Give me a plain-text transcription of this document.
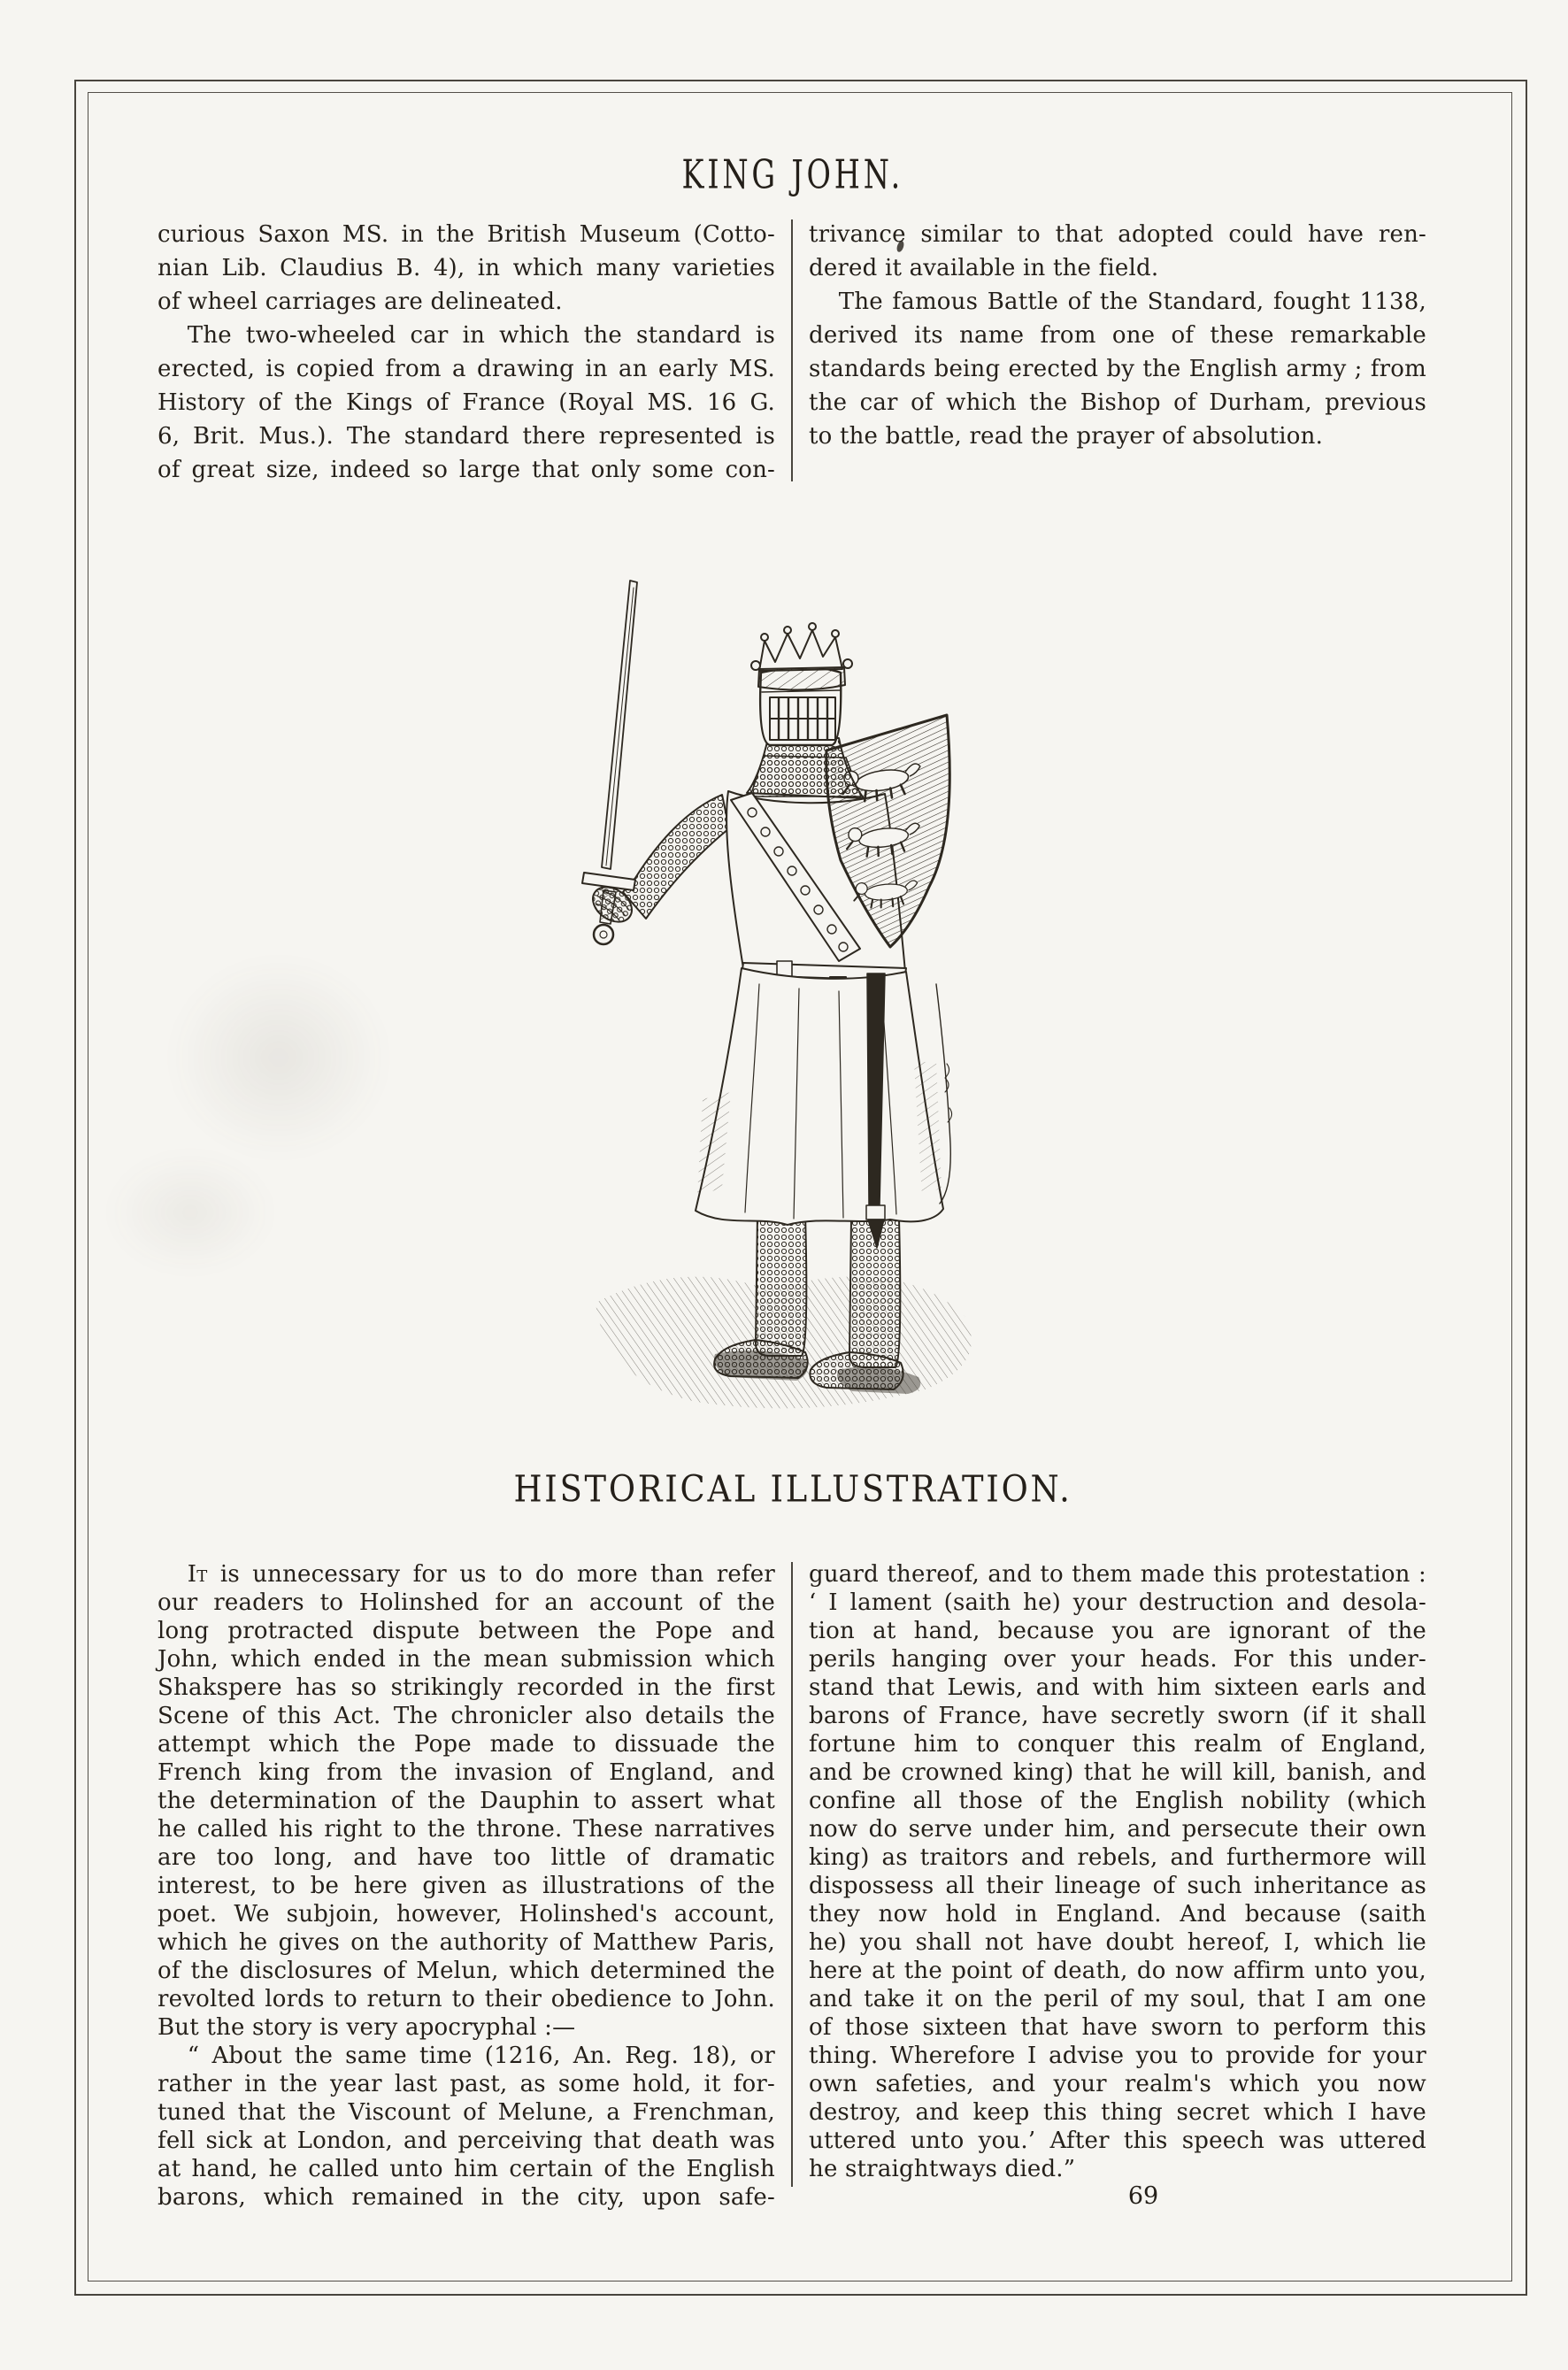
KING JOHN.
curious Saxon MS. in the British Museum (Cotto-
nian Lib. Claudius B. 4), in which many varieties
of wheel carriages are delineated.
The two-wheeled car in which the standard is
erected, is copied from a drawing in an early MS.
History of the Kings of France (Royal MS. 16 G.
6, Brit. Mus.). The standard there represented is
of great size, indeed so large that only some con-
trivance similar to that adopted could have ren-
dered it available in the field.
The famous Battle of the Standard, fought 1138,
derived its name from one of these remarkable
standards being erected by the English army ; from
the car of which the Bishop of Durham, previous
to the battle, read the prayer of absolution.
HISTORICAL ILLUSTRATION.
It is unnecessary for us to do more than refer
our readers to Holinshed for an account of the
long protracted dispute between the Pope and
John, which ended in the mean submission which
Shakspere has so strikingly recorded in the first
Scene of this Act. The chronicler also details the
attempt which the Pope made to dissuade the
French king from the invasion of England, and
the determination of the Dauphin to assert what
he called his right to the throne. These narratives
are too long, and have too little of dramatic
interest, to be here given as illustrations of the
poet. We subjoin, however, Holinshed's account,
which he gives on the authority of Matthew Paris,
of the disclosures of Melun, which determined the
revolted lords to return to their obedience to John.
But the story is very apocryphal :—
“ About the same time (1216, An. Reg. 18), or
rather in the year last past, as some hold, it for-
tuned that the Viscount of Melune, a Frenchman,
fell sick at London, and perceiving that death was
at hand, he called unto him certain of the English
barons, which remained in the city, upon safe-
guard thereof, and to them made this protestation :
‘ I lament (saith he) your destruction and desola-
tion at hand, because you are ignorant of the
perils hanging over your heads. For this under-
stand that Lewis, and with him sixteen earls and
barons of France, have secretly sworn (if it shall
fortune him to conquer this realm of England,
and be crowned king) that he will kill, banish, and
confine all those of the English nobility (which
now do serve under him, and persecute their own
king) as traitors and rebels, and furthermore will
dispossess all their lineage of such inheritance as
they now hold in England. And because (saith
he) you shall not have doubt hereof, I, which lie
here at the point of death, do now affirm unto you,
and take it on the peril of my soul, that I am one
of those sixteen that have sworn to perform this
thing. Wherefore I advise you to provide for your
own safeties, and your realm's which you now
destroy, and keep this thing secret which I have
uttered unto you.’ After this speech was uttered
he straightways died.”
69
